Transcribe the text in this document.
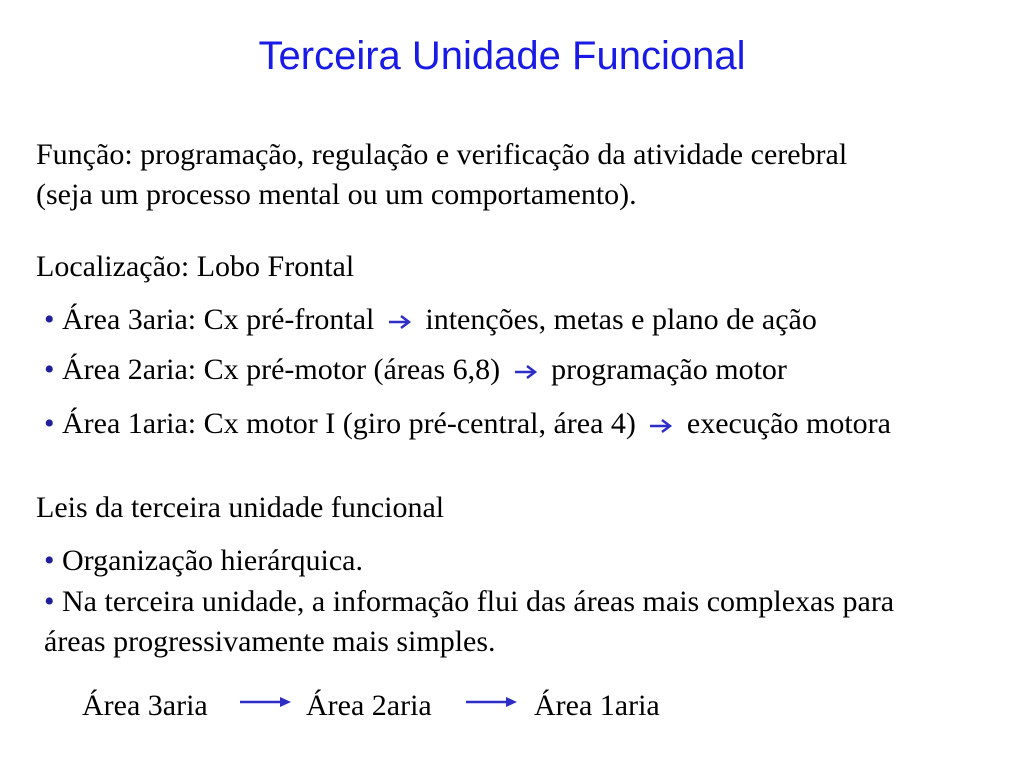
Terceira Unidade Funcional
Função: programação, regulação e verificação da atividade cerebral
(seja um processo mental ou um comportamento).
Localização: Lobo Frontal
• Área 3aria: Cx pré-frontal intenções, metas e plano de ação
• Área 2aria: Cx pré-motor (áreas 6,8) programação motor
• Área 1aria: Cx motor I (giro pré-central, área 4) execução motora
Leis da terceira unidade funcional
• Organização hierárquica.
• Na terceira unidade, a informação flui das áreas mais complexas para
áreas progressivamente mais simples.
Área 3aria	Área 2aria	Área 1aria
